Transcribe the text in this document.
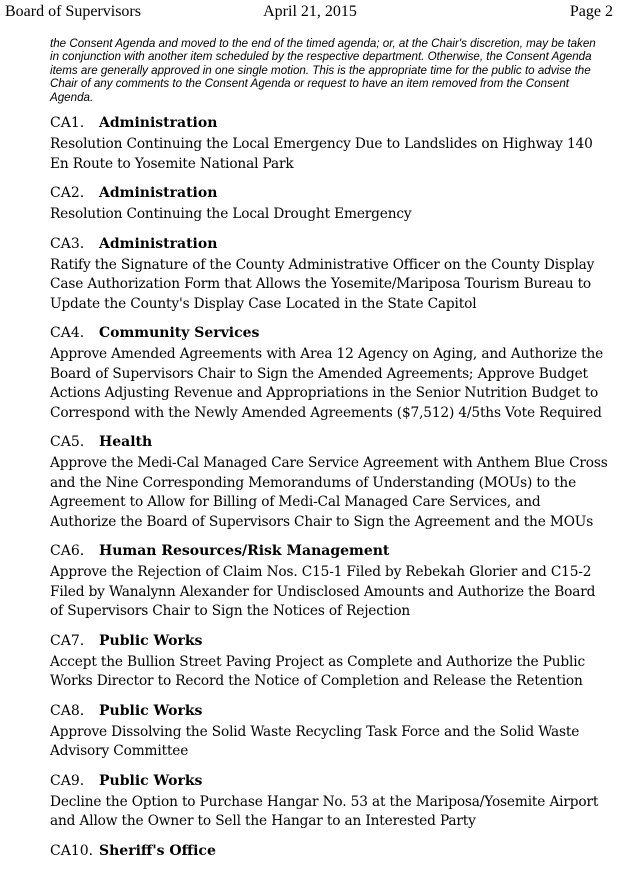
April 21, 2015
Board of Supervisors	Page 2
the Consent Agenda and moved to the end of the timed agenda; or, at the Chair's discretion, may be taken in conjunction with another item scheduled by the respective department. Otherwise, the Consent Agenda items are generally approved in one single motion. This is the appropriate time for the public to advise the Chair of any comments to the Consent Agenda or request to have an item removed from the Consent Agenda.
CA1. Administration
Resolution Continuing the Local Emergency Due to Landslides on Highway 140 En Route to Yosemite National Park
CA2. Administration
Resolution Continuing the Local Drought Emergency
CA3. Administration
Ratify the Signature of the County Administrative Officer on the County Display Case Authorization Form that Allows the Yosemite/Mariposa Tourism Bureau to Update the County's Display Case Located in the State Capitol
CA4. Community Services
Approve Amended Agreements with Area 12 Agency on Aging, and Authorize the Board of Supervisors Chair to Sign the Amended Agreements; Approve Budget Actions Adjusting Revenue and Appropriations in the Senior Nutrition Budget to Correspond with the Newly Amended Agreements ($7,512) 4/5ths Vote Required
CA5. Health
Approve the Medi-Cal Managed Care Service Agreement with Anthem Blue Cross and the Nine Corresponding Memorandums of Understanding (MOUs) to the Agreement to Allow for Billing of Medi-Cal Managed Care Services, and Authorize the Board of Supervisors Chair to Sign the Agreement and the MOUs
CA6. Human Resources/Risk Management
Approve the Rejection of Claim Nos. C15-1 Filed by Rebekah Glorier and C15-2 Filed by Wanalynn Alexander for Undisclosed Amounts and Authorize the Board of Supervisors Chair to Sign the Notices of Rejection
CA7. Public Works
Accept the Bullion Street Paving Project as Complete and Authorize the Public Works Director to Record the Notice of Completion and Release the Retention
CA8. Public Works
Approve Dissolving the Solid Waste Recycling Task Force and the Solid Waste Advisory Committee
CA9. Public Works
Decline the Option to Purchase Hangar No. 53 at the Mariposa/Yosemite Airport and Allow the Owner to Sell the Hangar to an Interested Party
CA10. Sheriff's Office
